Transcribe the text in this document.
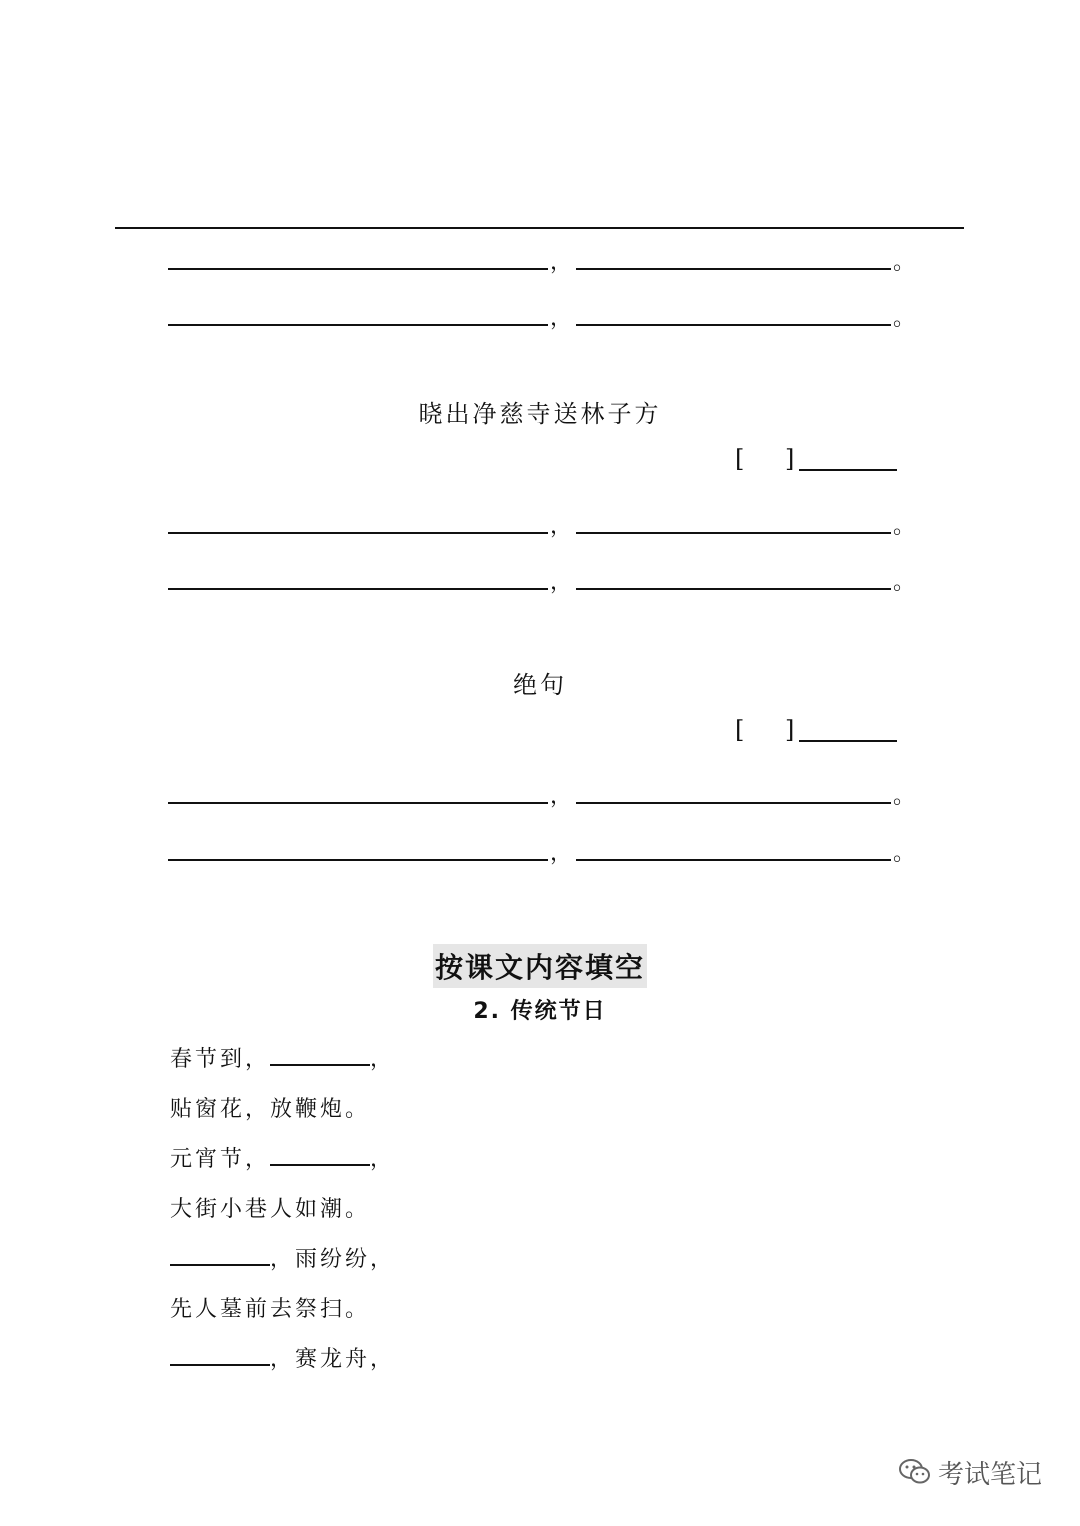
，	。
，	。
晓出净慈寺送林子方
[ ]
，	。
，	。
绝句
[ ]
，	。
，	。
按课文内容填空
2. 传统节日
春节到，	，
贴窗花，放鞭炮。
元宵节，	，
大街小巷人如潮。
，雨纷纷，
先人墓前去祭扫。
，赛龙舟，
考试笔记
